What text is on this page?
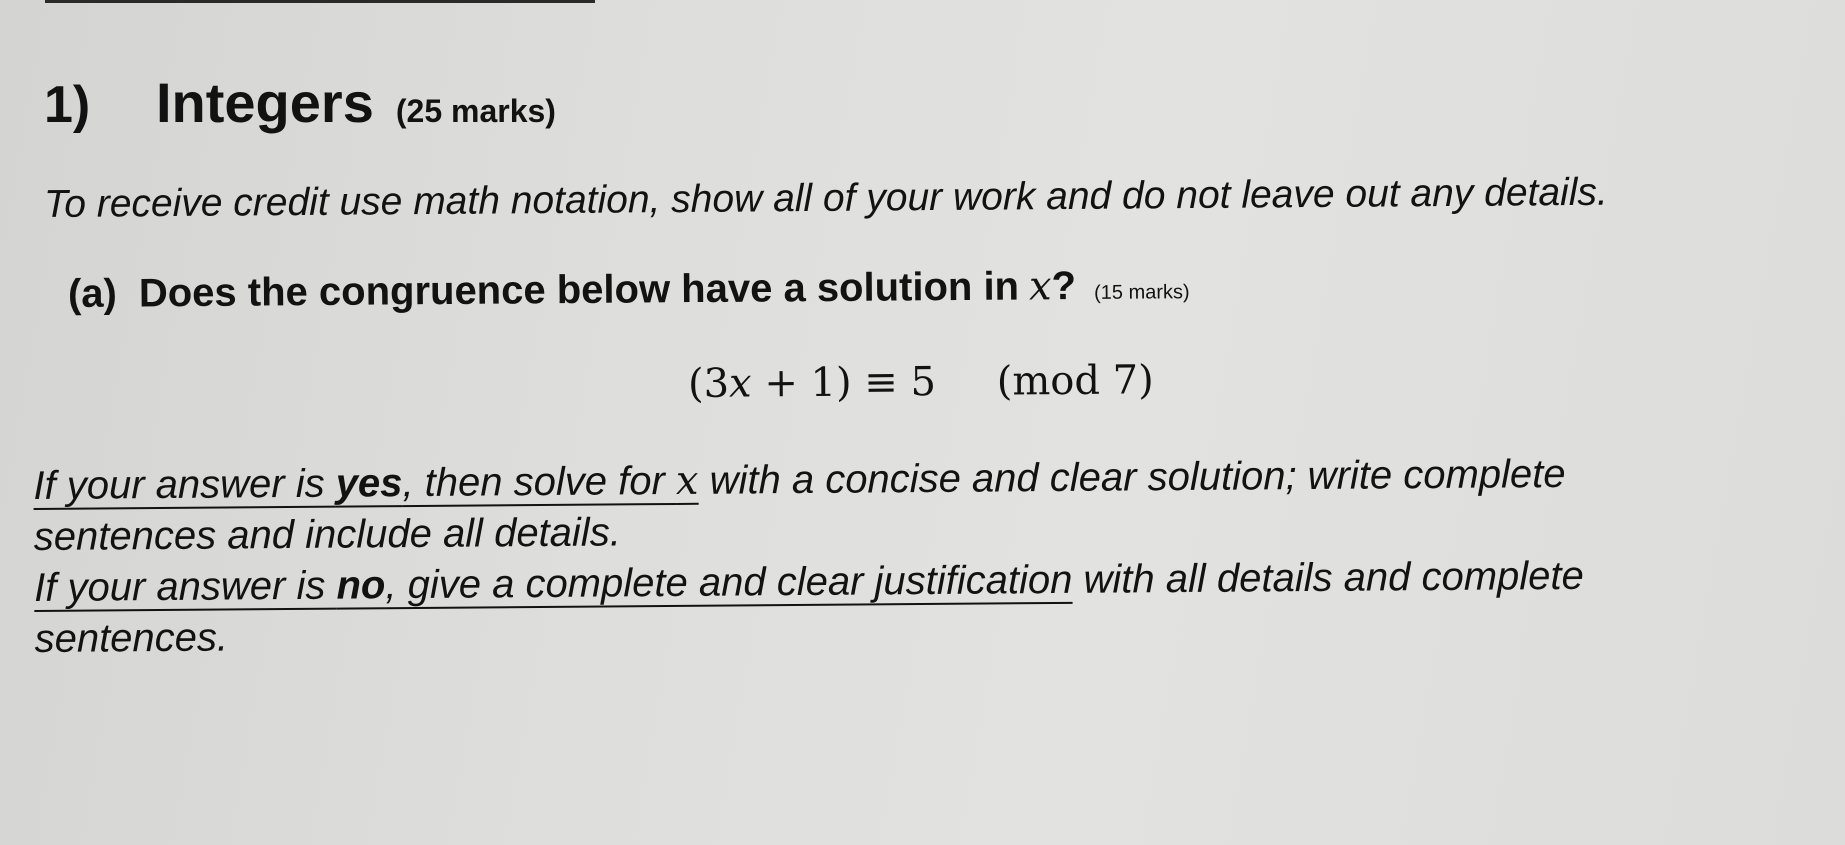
1)	Integers (25 marks)
To receive credit use math notation, show all of your work and do not leave out any details.
(a) Does the congruence below have a solution in x ? (15 marks)
(3x + 1) ≡ 5 (mod 7)
If your answer is yes, then solve for x with a concise and clear solution; write complete
sentences and include all details.
If your answer is no, give a complete and clear justification with all details and complete
sentences.
